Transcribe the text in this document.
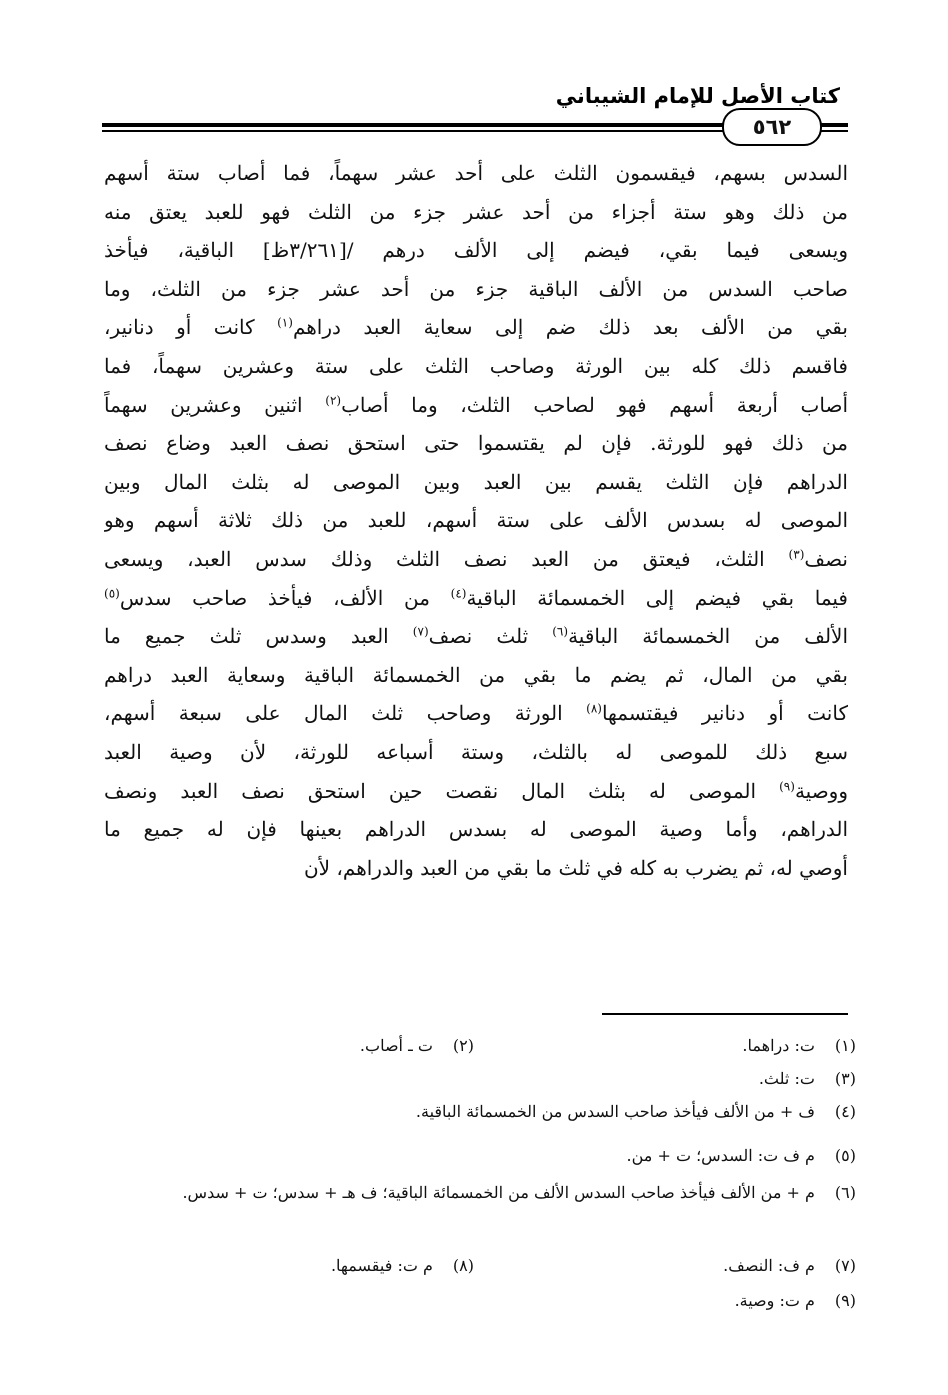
كتاب الأصل للإمام الشيباني
٥٦٢
السدس بسهم، فيقسمون الثلث على أحد عشر سهماً، فما أصاب ستة أسهم
من ذلك وهو ستة أجزاء من أحد عشر جزء من الثلث فهو للعبد يعتق منه
ويسعى فيما بقي، فيضم إلى الألف درهم /[٣/٢٦١ظ] الباقية، فيأخذ
صاحب السدس من الألف الباقية جزء من أحد عشر جزء من الثلث، وما
بقي من الألف بعد ذلك ضم إلى سعاية العبد دراهم$^{(١)}$ كانت أو دنانير،
فاقسم ذلك كله بين الورثة وصاحب الثلث على ستة وعشرين سهماً، فما
أصاب أربعة أسهم فهو لصاحب الثلث، وما أصاب$^{(٢)}$ اثنين وعشرين سهماً
من ذلك فهو للورثة. فإن لم يقتسموا حتى استحق نصف العبد وضاع نصف
الدراهم فإن الثلث يقسم بين العبد وبين الموصى له بثلث المال وبين
الموصى له بسدس الألف على ستة أسهم، للعبد من ذلك ثلاثة أسهم وهو
نصف$^{(٣)}$ الثلث، فيعتق من العبد نصف الثلث وذلك سدس العبد، ويسعى
فيما بقي فيضم إلى الخمسمائة الباقية$^{(٤)}$ من الألف، فيأخذ صاحب سدس$^{(٥)}$
الألف من الخمسمائة الباقية$^{(٦)}$ ثلث نصف$^{(٧)}$ العبد وسدس ثلث جميع ما
بقي من المال، ثم يضم ما بقي من الخمسمائة الباقية وسعاية العبد دراهم
كانت أو دنانير فيقتسمها$^{(٨)}$ الورثة وصاحب ثلث المال على سبعة أسهم،
سبع ذلك للموصى له بالثلث، وستة أسباعه للورثة، لأن وصية العبد
ووصية$^{(٩)}$ الموصى له بثلث المال نقصت حين استحق نصف العبد ونصف
الدراهم، وأما وصية الموصى له بسدس الدراهم بعينها فإن له جميع ما
أوصي له، ثم يضرب به كله في ثلث ما بقي من العبد والدراهم، لأن
(١) ت: دراهما.
(٢) ت ـ أصاب.
(٣) ت: ثلث.
(٤) ف + من الألف فيأخذ صاحب السدس من الخمسمائة الباقية.
(٥) م ف ت: السدس؛ ت + من.
(٦) م + من الألف فيأخذ صاحب السدس الألف من الخمسمائة الباقية؛ ف هـ + سدس؛ ت + سدس.
(٧) م ف: النصف.
(٨) م ت: فيقسمها.
(٩) م ت: وصية.
